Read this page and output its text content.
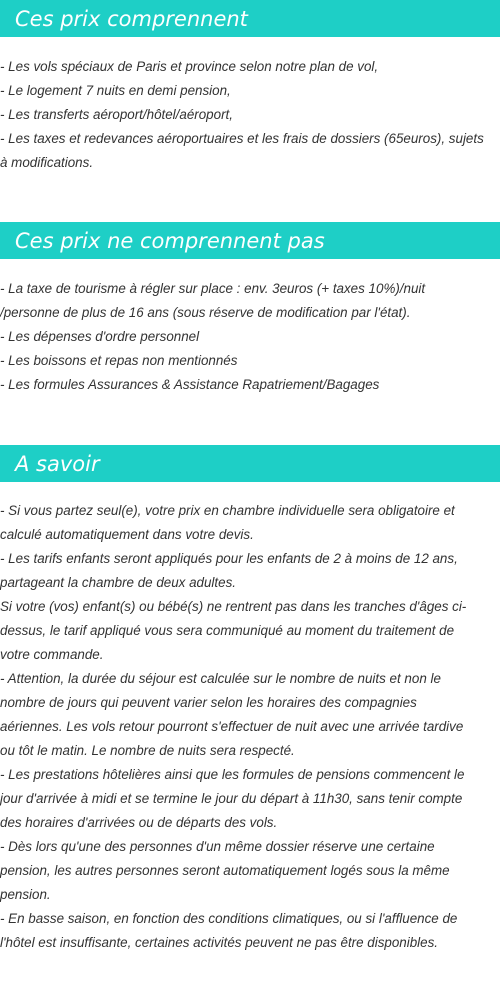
Ces prix comprennent

- Les vols spéciaux de Paris et province selon notre plan de vol,

- Le logement 7 nuits en demi pension,

- Les transferts aéroport/hôtel/aéroport,

- Les taxes et redevances aéroportuaires et les frais de dossiers (65euros), sujets

à modifications.

Ces prix ne comprennent pas

- La taxe de tourisme à régler sur place : env. 3euros (+ taxes 10%)/nuit

/personne de plus de 16 ans (sous réserve de modification par l'état).

- Les dépenses d'ordre personnel

- Les boissons et repas non mentionnés

- Les formules Assurances & Assistance Rapatriement/Bagages

A savoir

- Si vous partez seul(e), votre prix en chambre individuelle sera obligatoire et

calculé automatiquement dans votre devis.

- Les tarifs enfants seront appliqués pour les enfants de 2 à moins de 12 ans,

partageant la chambre de deux adultes.

Si votre (vos) enfant(s) ou bébé(s) ne rentrent pas dans les tranches d'âges ci-

dessus, le tarif appliqué vous sera communiqué au moment du traitement de

votre commande.

- Attention, la durée du séjour est calculée sur le nombre de nuits et non le

nombre de jours qui peuvent varier selon les horaires des compagnies

aériennes. Les vols retour pourront s'effectuer de nuit avec une arrivée tardive

ou tôt le matin. Le nombre de nuits sera respecté.

- Les prestations hôtelières ainsi que les formules de pensions commencent le

jour d'arrivée à midi et se termine le jour du départ à 11h30, sans tenir compte

des horaires d'arrivées ou de départs des vols.

- Dès lors qu'une des personnes d'un même dossier réserve une certaine

pension, les autres personnes seront automatiquement logés sous la même

pension.

- En basse saison, en fonction des conditions climatiques, ou si l'affluence de

l'hôtel est insuffisante, certaines activités peuvent ne pas être disponibles.
